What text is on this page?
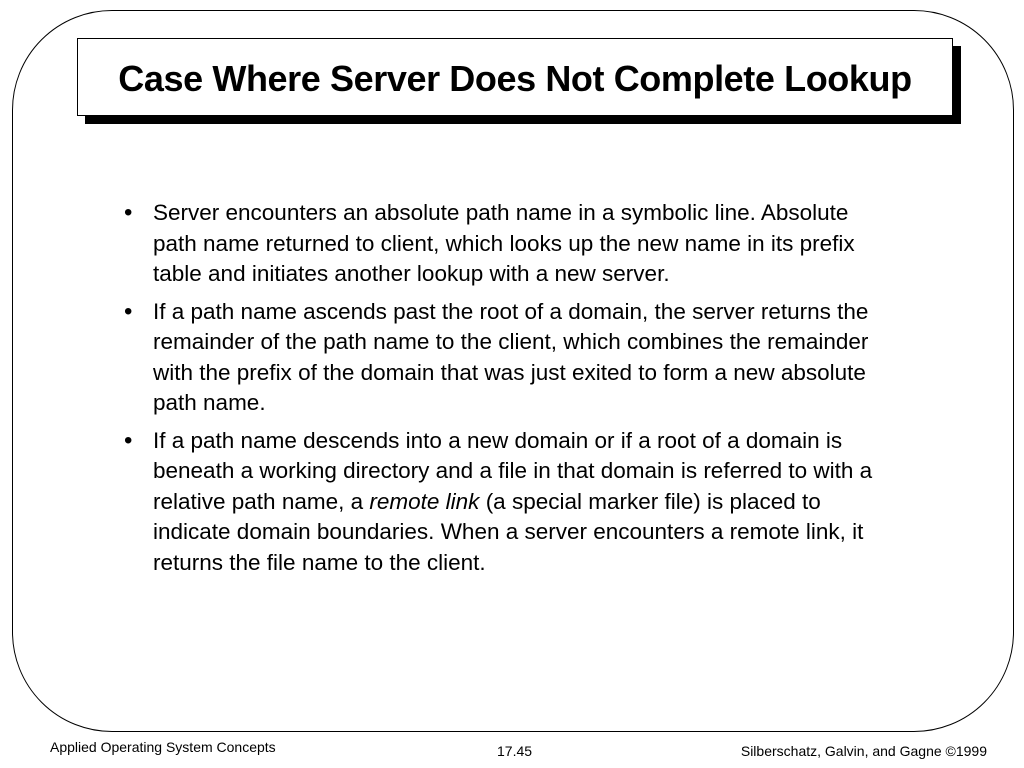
Case Where Server Does Not Complete Lookup
• Server encounters an absolute path name in a symbolic line. Absolute path name returned to client, which looks up the new name in its prefix table and initiates another lookup with a new server.
• If a path name ascends past the root of a domain, the server returns the remainder of the path name to the client, which combines the remainder with the prefix of the domain that was just exited to form a new absolute path name.
• If a path name descends into a new domain or if a root of a domain is beneath a working directory and a file in that domain is referred to with a relative path name, a remote link (a special marker file) is placed to indicate domain boundaries. When a server encounters a remote link, it returns the file name to the client.
Applied Operating System Concepts	17.45	Silberschatz, Galvin, and Gagne ©1999
